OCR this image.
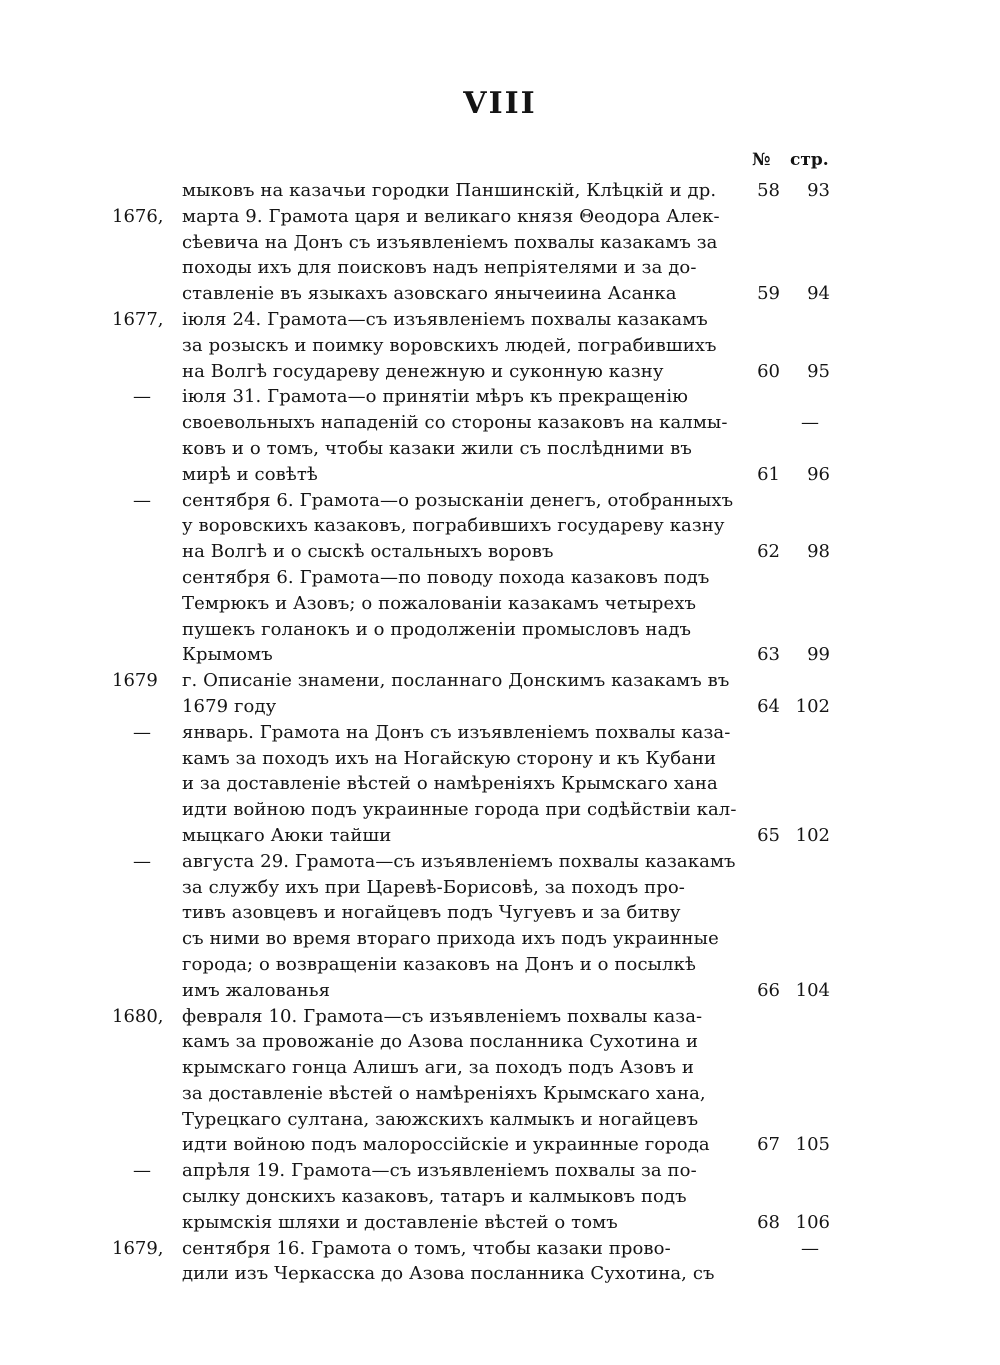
VIII
№ стр.
мыковъ на казачьи городки Паншинскій, Клѣцкій и др.	58	93
1676,	марта 9. Грамота царя и великаго князя Θеодора Алек-
сѣевича на Донъ съ изъявленіемъ похвалы казакамъ за
походы ихъ для поисковъ надъ непріятелями и за до-
ставленіе въ языкахъ азовскаго янычеиина Асанка	59	94
1677,	іюля 24. Грамота—съ изъявленіемъ похвалы казакамъ
за розыскъ и поимку воровскихъ людей, пограбившихъ
на Волгѣ государеву денежную и суконную казну	60	95
—	іюля 31. Грамота—о принятіи мѣръ къ прекращенію
своевольныхъ нападеній со стороны казаковъ на калмы-	—
ковъ и о томъ, чтобы казаки жили съ послѣдними въ
мирѣ и совѣтѣ	61	96
—	сентября 6. Грамота—о розысканіи денегъ, отобранныхъ
у воровскихъ казаковъ, пограбившихъ государеву казну
на Волгѣ и о сыскѣ остальныхъ воровъ	62	98
сентября 6. Грамота—по поводу похода казаковъ подъ
Темрюкъ и Азовъ; о пожалованіи казакамъ четырехъ
пушекъ голанокъ и о продолженіи промысловъ надъ
Крымомъ	63	99
1679	г. Описаніе знамени, посланнаго Донскимъ казакамъ въ
1679 году	64 102
—	январь. Грамота на Донъ съ изъявленіемъ похвалы каза-
камъ за походъ ихъ на Ногайскую сторону и къ Кубани
и за доставленіе вѣстей о намѣреніяхъ Крымскаго хана
идти войною подъ украинные города при содѣйствіи кал-
мыцкаго Аюки тайши	65 102
—	августа 29. Грамота—съ изъявленіемъ похвалы казакамъ
за службу ихъ при Царевѣ-Борисовѣ, за походъ про-
тивъ азовцевъ и ногайцевъ подъ Чугуевъ и за битву
съ ними во время втораго прихода ихъ подъ украинные
города; о возвращеніи казаковъ на Донъ и о посылкѣ
имъ жалованья	66 104
1680,	февраля 10. Грамота—съ изъявленіемъ похвалы каза-
камъ за провожаніе до Азова посланника Сухотина и
крымскаго гонца Алишъ аги, за походъ подъ Азовъ и
за доставленіе вѣстей о намѣреніяхъ Крымскаго хана,
Турецкаго султана, заюжскихъ калмыкъ и ногайцевъ
идти войною подъ малороссійскіе и украинные города	67 105
—	апрѣля 19. Грамота—съ изъявленіемъ похвалы за по-
сылку донскихъ казаковъ, татаръ и калмыковъ подъ
крымскія шляхи и доставленіе вѣстей о томъ	68 106
1679,	сентября 16. Грамота о томъ, чтобы казаки прово-	—
дили изъ Черкасска до Азова посланника Сухотина, съ
